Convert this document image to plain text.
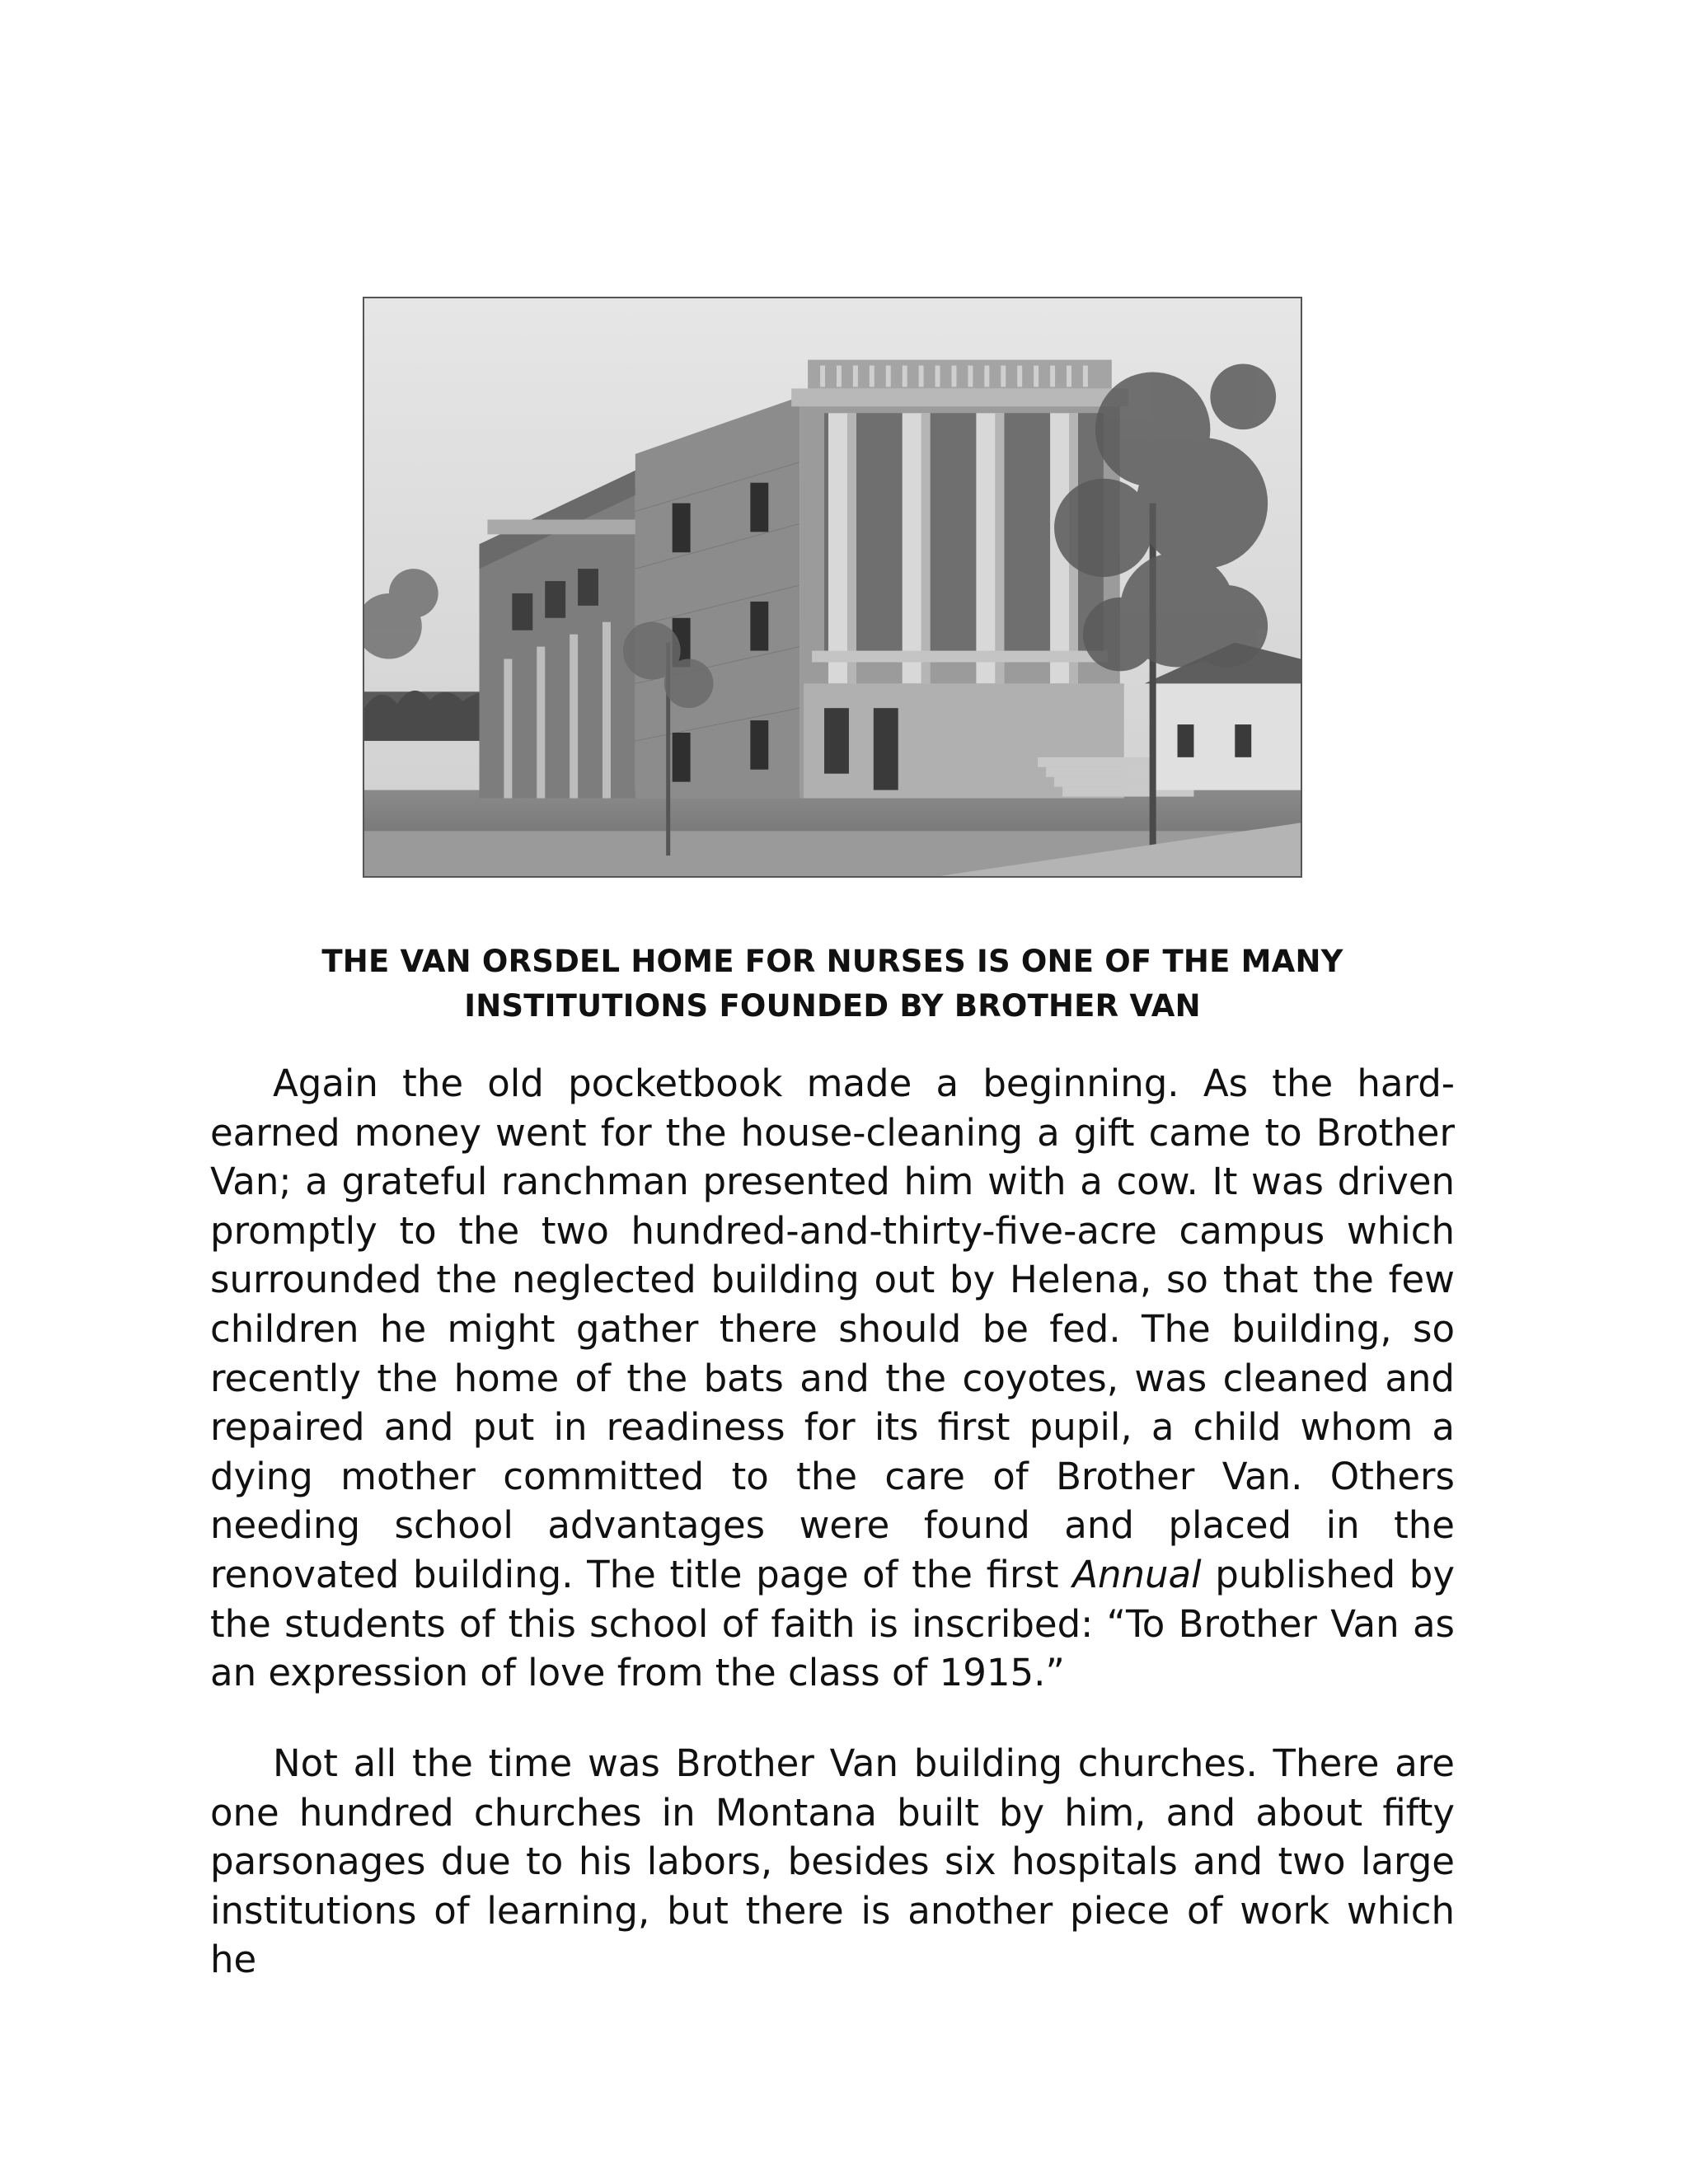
THE VAN ORSDEL HOME FOR NURSES IS ONE OF THE MANY
INSTITUTIONS FOUNDED BY BROTHER VAN

Again the old pocketbook made a beginning. As the hard-earned money went for the house-cleaning a gift came to Brother Van; a grateful ranchman presented him with a cow. It was driven promptly to the two hundred-and-thirty-five-acre campus which surrounded the neglected building out by Helena, so that the few children he might gather there should be fed. The building, so recently the home of the bats and the coyotes, was cleaned and repaired and put in readiness for its first pupil, a child whom a dying mother committed to the care of Brother Van. Others needing school advantages were found and placed in the renovated building. The title page of the first Annual published by the students of this school of faith is inscribed: “To Brother Van as an expression of love from the class of 1915.”

Not all the time was Brother Van building churches. There are one hundred churches in Montana built by him, and about fifty parsonages due to his labors, besides six hospitals and two large institutions of learning, but there is another piece of work which he
